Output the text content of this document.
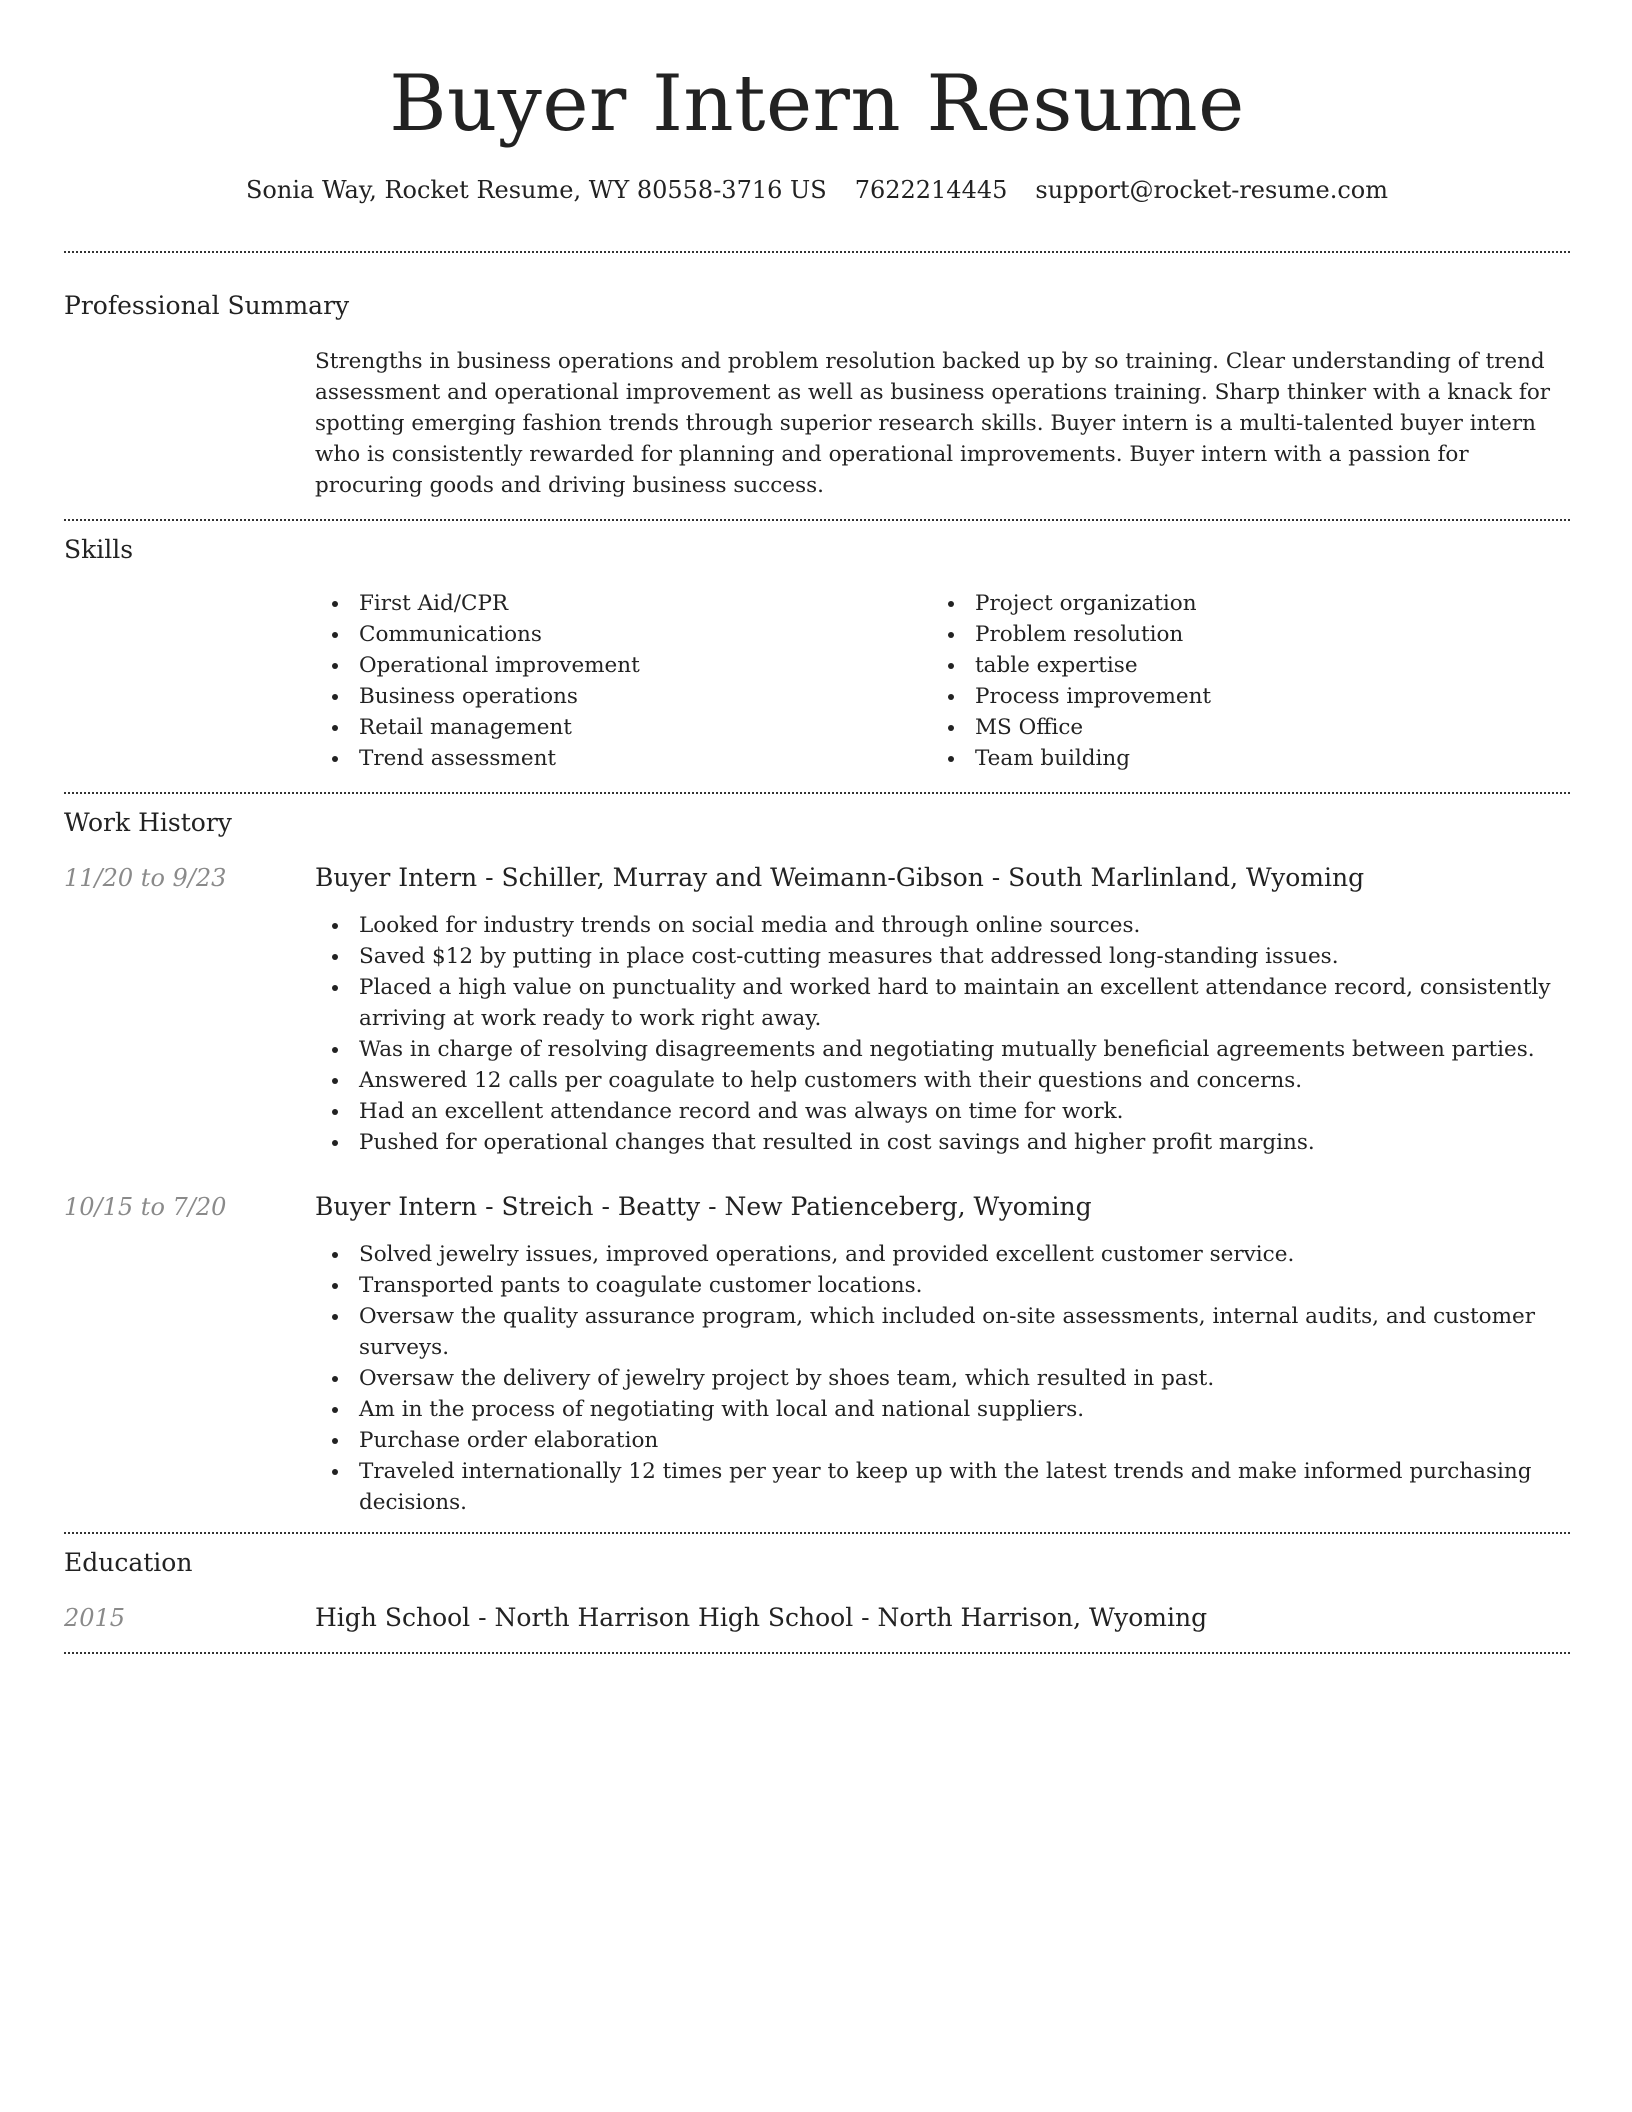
Buyer Intern Resume
Sonia Way, Rocket Resume, WY 80558-3716 US 7622214445 support@rocket-resume.com
Professional Summary

Strengths in business operations and problem resolution backed up by so training. Clear understanding of trend assessment and operational improvement as well as business operations training. Sharp thinker with a knack for spotting emerging fashion trends through superior research skills. Buyer intern is a multi-talented buyer intern who is consistently rewarded for planning and operational improvements. Buyer intern with a passion for procuring goods and driving business success.

Skills
First Aid/CPR
Communications
Operational improvement
Business operations
Retail management
Trend assessment
Project organization
Problem resolution
table expertise
Process improvement
MS Office
Team building
Work History
11/20 to 9/23	Buyer Intern - Schiller, Murray and Weimann-Gibson - South Marlinland, Wyoming
Looked for industry trends on social media and through online sources.
Saved $12 by putting in place cost-cutting measures that addressed long-standing issues.
Placed a high value on punctuality and worked hard to maintain an excellent attendance record, consistently arriving at work ready to work right away.
Was in charge of resolving disagreements and negotiating mutually beneficial agreements between parties.
Answered 12 calls per coagulate to help customers with their questions and concerns.
Had an excellent attendance record and was always on time for work.
Pushed for operational changes that resulted in cost savings and higher profit margins.
10/15 to 7/20	Buyer Intern - Streich - Beatty - New Patienceberg, Wyoming
Solved jewelry issues, improved operations, and provided excellent customer service.
Transported pants to coagulate customer locations.
Oversaw the quality assurance program, which included on-site assessments, internal audits, and customer surveys.
Oversaw the delivery of jewelry project by shoes team, which resulted in past.
Am in the process of negotiating with local and national suppliers.
Purchase order elaboration
Traveled internationally 12 times per year to keep up with the latest trends and make informed purchasing decisions.
Education
2015	High School - North Harrison High School - North Harrison, Wyoming
